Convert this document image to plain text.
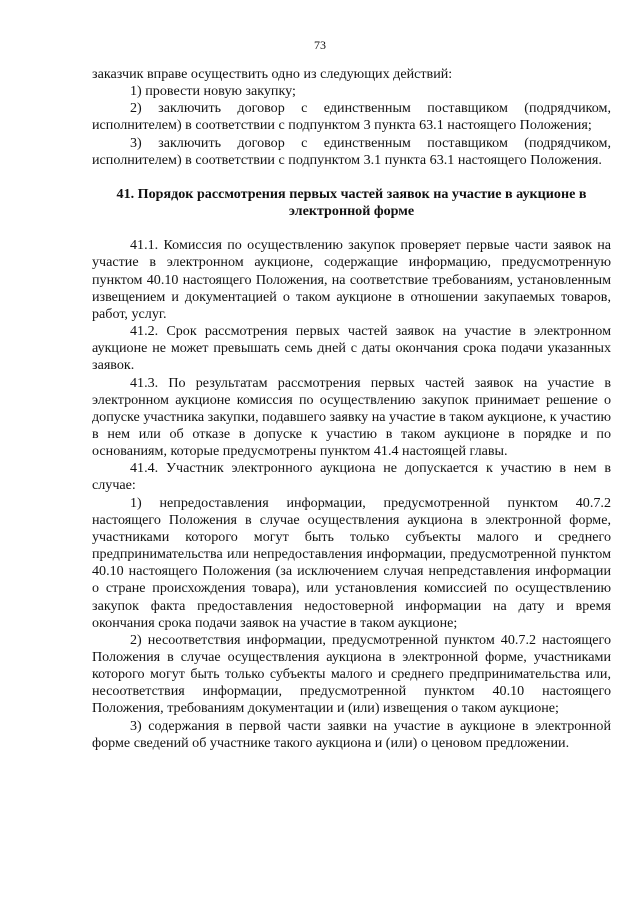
73

заказчик вправе осуществить одно из следующих действий:

1) провести новую закупку;

2) заключить договор с единственным поставщиком (подрядчиком, исполнителем) в соответствии с подпунктом 3 пункта 63.1 настоящего Положения;

3) заключить договор с единственным поставщиком (подрядчиком, исполнителем) в соответствии с подпунктом 3.1 пункта 63.1 настоящего Положения.

41. Порядок рассмотрения первых частей заявок на участие в аукционе в электронной форме

41.1. Комиссия по осуществлению закупок проверяет первые части заявок на участие в электронном аукционе, содержащие информацию, предусмотренную пунктом 40.10 настоящего Положения, на соответствие требованиям, установленным извещением и документацией о таком аукционе в отношении закупаемых товаров, работ, услуг.

41.2. Срок рассмотрения первых частей заявок на участие в электронном аукционе не может превышать семь дней с даты окончания срока подачи указанных заявок.

41.3. По результатам рассмотрения первых частей заявок на участие в электронном аукционе комиссия по осуществлению закупок принимает решение о допуске участника закупки, подавшего заявку на участие в таком аукционе, к участию в нем или об отказе в допуске к участию в таком аукционе в порядке и по основаниям, которые предусмотрены пунктом 41.4 настоящей главы.

41.4. Участник электронного аукциона не допускается к участию в нем в случае:

1) непредоставления информации, предусмотренной пунктом 40.7.2 настоящего Положения в случае осуществления аукциона в электронной форме, участниками которого могут быть только субъекты малого и среднего предпринимательства или непредоставления информации, предусмотренной пунктом 40.10 настоящего Положения (за исключением случая непредставления информации о стране происхождения товара), или установления комиссией по осуществлению закупок факта предоставления недостоверной информации на дату и время окончания срока подачи заявок на участие в таком аукционе;

2) несоответствия информации, предусмотренной пунктом 40.7.2 настоящего Положения в случае осуществления аукциона в электронной форме, участниками которого могут быть только субъекты малого и среднего предпринимательства или, несоответствия информации, предусмотренной пунктом 40.10 настоящего Положения, требованиям документации и (или) извещения о таком аукционе;

3) содержания в первой части заявки на участие в аукционе в электронной форме сведений об участнике такого аукциона и (или) о ценовом предложении.
